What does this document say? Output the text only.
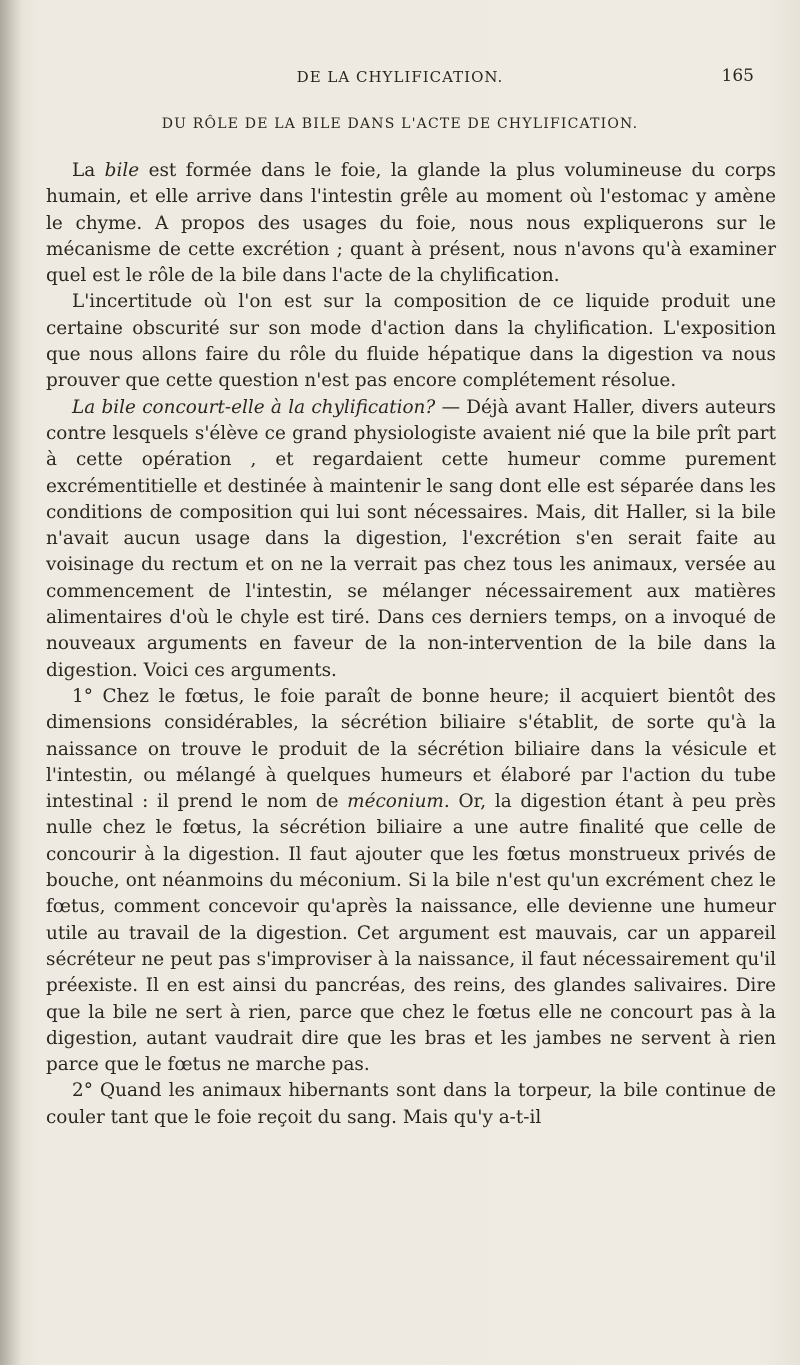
DE LA CHYLIFICATION.	165
DU RÔLE DE LA BILE DANS L'ACTE DE CHYLIFICATION.

La bile est formée dans le foie, la glande la plus volumineuse du corps humain, et elle arrive dans l'intestin grêle au moment où l'estomac y amène le chyme. A propos des usages du foie, nous nous expliquerons sur le mécanisme de cette excrétion ; quant à présent, nous n'avons qu'à examiner quel est le rôle de la bile dans l'acte de la chylification.

L'incertitude où l'on est sur la composition de ce liquide produit une certaine obscurité sur son mode d'action dans la chylification. L'exposition que nous allons faire du rôle du fluide hépatique dans la digestion va nous prouver que cette question n'est pas encore complétement résolue.

La bile concourt-elle à la chylification? — Déjà avant Haller, divers auteurs contre lesquels s'élève ce grand physiologiste avaient nié que la bile prît part à cette opération , et regardaient cette humeur comme purement excrémentitielle et destinée à maintenir le sang dont elle est séparée dans les conditions de composition qui lui sont nécessaires. Mais, dit Haller, si la bile n'avait aucun usage dans la digestion, l'excrétion s'en serait faite au voisinage du rectum et on ne la verrait pas chez tous les animaux, versée au commencement de l'intestin, se mélanger nécessairement aux matières alimentaires d'où le chyle est tiré. Dans ces derniers temps, on a invoqué de nouveaux arguments en faveur de la non-intervention de la bile dans la digestion. Voici ces arguments.

1° Chez le fœtus, le foie paraît de bonne heure; il acquiert bientôt des dimensions considérables, la sécrétion biliaire s'établit, de sorte qu'à la naissance on trouve le produit de la sécrétion biliaire dans la vésicule et l'intestin, ou mélangé à quelques humeurs et élaboré par l'action du tube intestinal : il prend le nom de méconium. Or, la digestion étant à peu près nulle chez le fœtus, la sécrétion biliaire a une autre finalité que celle de concourir à la digestion. Il faut ajouter que les fœtus monstrueux privés de bouche, ont néanmoins du méconium. Si la bile n'est qu'un excrément chez le fœtus, comment concevoir qu'après la naissance, elle devienne une humeur utile au travail de la digestion. Cet argument est mauvais, car un appareil sécréteur ne peut pas s'improviser à la naissance, il faut nécessairement qu'il préexiste. Il en est ainsi du pancréas, des reins, des glandes salivaires. Dire que la bile ne sert à rien, parce que chez le fœtus elle ne concourt pas à la digestion, autant vaudrait dire que les bras et les jambes ne servent à rien parce que le fœtus ne marche pas.

2° Quand les animaux hibernants sont dans la torpeur, la bile continue de couler tant que le foie reçoit du sang. Mais qu'y a-t-il
